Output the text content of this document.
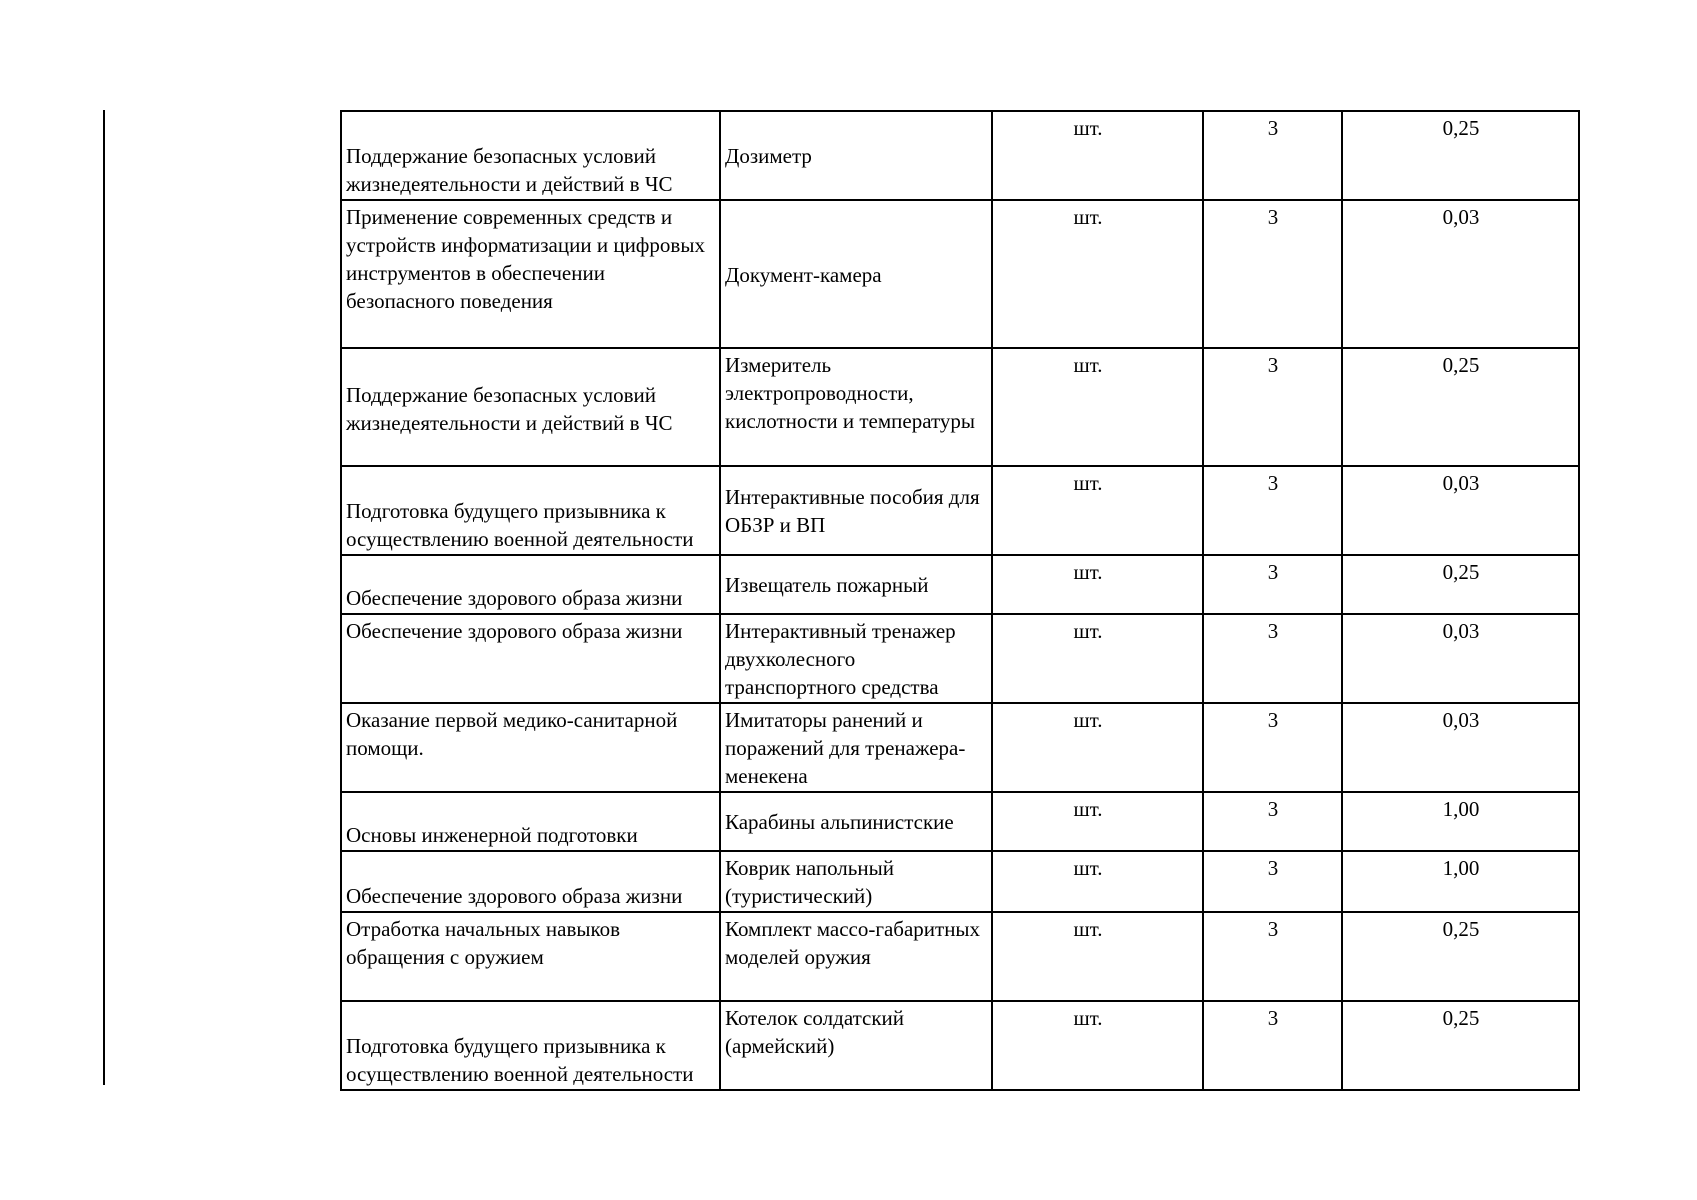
Поддержание безопасных условий жизнедеятельности и действий в ЧС	Дозиметр	шт.	3	0,25
Применение современных средств и устройств информатизации и цифровых инструментов в обеспечении безопасного поведения	Документ-камера	шт.	3	0,03
Поддержание безопасных условий жизнедеятельности и действий в ЧС	Измеритель электропроводности, кислотности и температуры	шт.	3	0,25
Подготовка будущего призывника к осуществлению военной деятельности	Интерактивные пособия для ОБЗР и ВП	шт.	3	0,03
Обеспечение здорового образа жизни	Извещатель пожарный	шт.	3	0,25
Обеспечение здорового образа жизни	Интерактивный тренажер двухколесного транспортного средства	шт.	3	0,03
Оказание первой медико-санитарной помощи.	Имитаторы ранений и поражений для тренажера-менекена	шт.	3	0,03
Основы инженерной подготовки	Карабины альпинистские	шт.	3	1,00
Обеспечение здорового образа жизни	Коврик напольный (туристический)	шт.	3	1,00
Отработка начальных навыков обращения с оружием	Комплект массо-габаритных моделей оружия	шт.	3	0,25
Подготовка будущего призывника к осуществлению военной деятельности	Котелок солдатский (армейский)	шт.	3	0,25
